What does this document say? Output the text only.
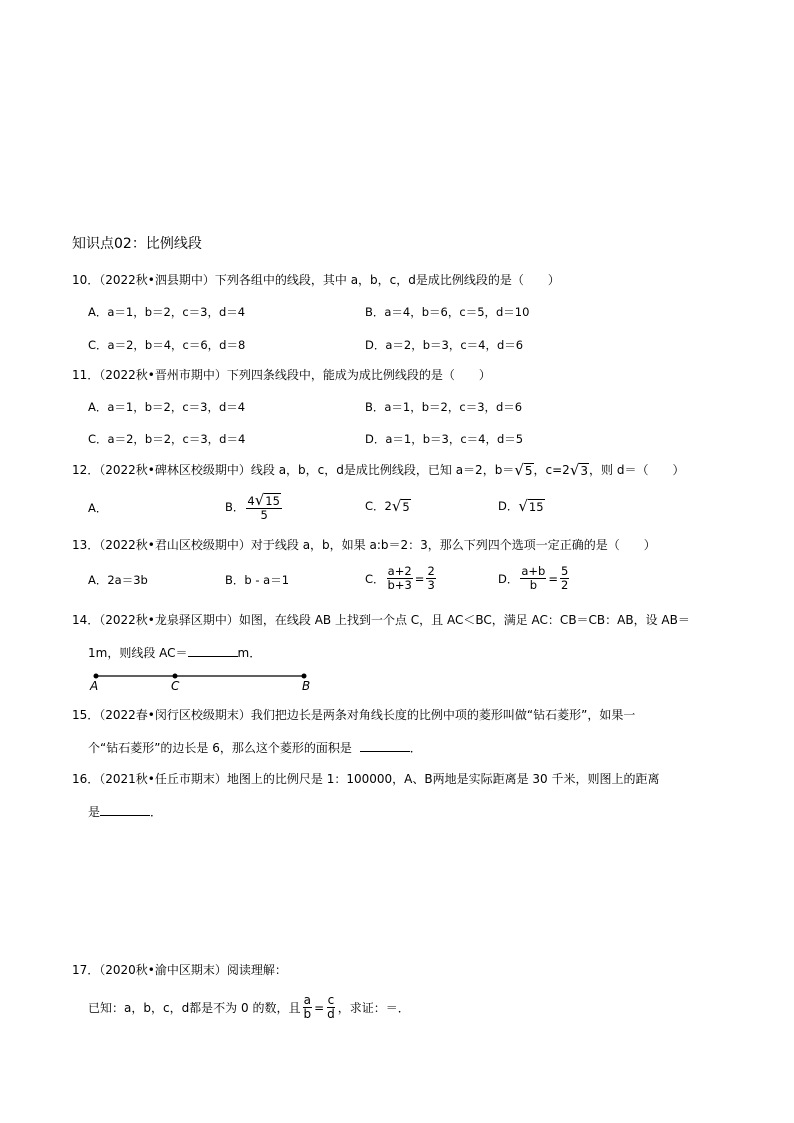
知识点02：比例线段
10．（2022秋•泗县期中）下列各组中的线段，其中 a，b，c，d是成比例线段的是（　　）
A．a＝1，b＝2，c＝3，d＝4	B．a＝4，b＝6，c＝5，d＝10
C．a＝2，b＝4，c＝6，d＝8	D．a＝2，b＝3，c＝4，d＝6
11．（2022秋•晋州市期中）下列四条线段中，能成为成比例线段的是（　　）
A．a＝1，b＝2，c＝3，d＝4	B．a＝1，b＝2，c＝3，d＝6
C．a＝2，b＝2，c＝3，d＝4	D．a＝1，b＝3，c＝4，d＝5
12．（2022秋•碑林区校级期中）线段 a，b，c，d是成比例线段，已知 a＝2，b＝ √ 5 ，c=2 √ 3 ，则 d＝（　　）
A．	B． $\frac{4 √ 15}{5}$	C．2 √ 5	D． √ 15
13．（2022秋•君山区校级期中）对于线段 a，b，如果 a:b＝2：3，那么下列四个选项一定正确的是（　　）
A．2a＝3b	B．b - a＝1	C． $\frac{a+2}{b+3} = \frac{2}{3}$	D． $\frac{a+b}{b} = \frac{5}{2}$
14．（2022秋•龙泉驿区期中）如图，在线段 AB 上找到一个点 C，且 AC＜BC，满足 AC：CB＝CB：AB，设 AB＝
1m，则线段 AC＝	m．
A	C	B
15．（2022春•闵行区校级期末）我们把边长是两条对角线长度的比例中项的菱形叫做“钻石菱形”，如果一
个“钻石菱形”的边长是 6，那么这个菱形的面积是	．
16．（2021秋•任丘市期末）地图上的比例尺是 1：100000，A、B两地是实际距离是 30 千米，则图上的距离
是	．
17．（2020秋•渝中区期末）阅读理解：
已知：a，b，c，d都是不为 0 的数，且 $\frac{a}{b} = \frac{c}{d}$ ，求证：＝．
